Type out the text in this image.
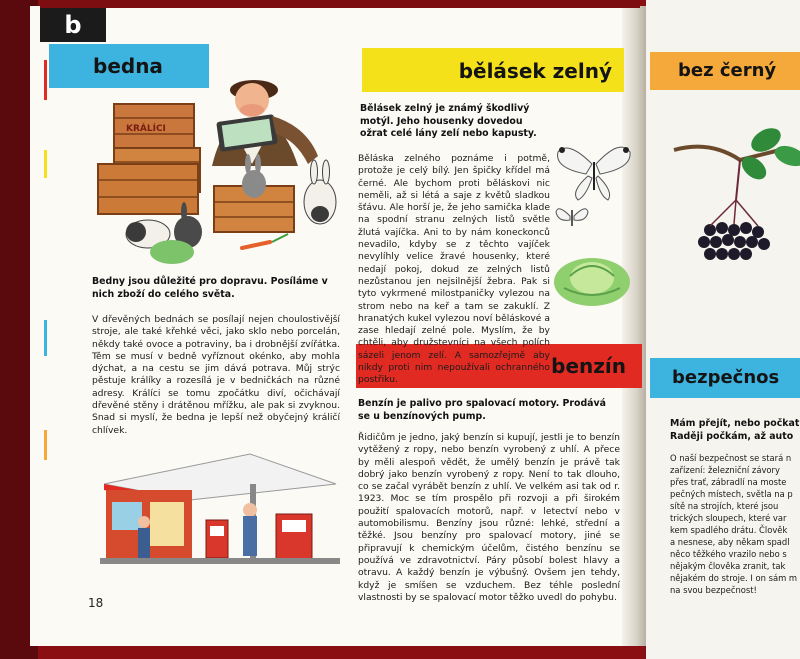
b
bedna	bělásek zelný
benzín
bez černý
bezpečnos
KRÁLÍCI
Bedny jsou důležité pro dopravu. Posíláme v nich zboží do celého světa.
V dřevěných bednách se posílají nejen choulostivější stroje, ale také křehké věci, jako sklo nebo porcelán, někdy také ovoce a potraviny, ba i drobnější zvířátka. Těm se musí v bedně vyříznout okénko, aby mohla dýchat, a na cestu se jim dává potrava. Můj strýc pěstuje králíky a rozesílá je v bedničkách na různé adresy. Králíci se tomu zpočátku diví, očichávají dřevěné stěny i drátěnou mřížku, ale pak si zvyknou. Snad si myslí, že bedna je lepší než obyčejný králičí chlívek.
Bělásek zelný je známý škodlivý motýl. Jeho housenky dovedou ožrat celé lány zelí nebo kapusty.
Běláska zelného poznáme i potmě, protože je celý bílý. Jen špičky křídel má černé. Ale bychom proti běláskovi nic neměli, až si létá a saje z květů sladkou šťávu. Ale horší je, že jeho samička klade na spodní stranu zelných listů světle žlutá vajíčka. Ani to by nám koneckonců nevadilo, kdyby se z těchto vajíček nevylíhly velice žravé housenky, které nedají pokoj, dokud ze zelných listů nezůstanou jen nejsilnější žebra. Pak si tyto vykrmené milostpaničky vylezou na strom nebo na keř a tam se zakuklí. Z hranatých kukel vylezou noví běláskové a zase hledají zelné pole. Myslím, že by chtěli, aby družstevníci na všech polích sázeli jenom zelí. A samozřejmě aby nikdy proti nim nepoužívali ochranného postřiku.
Benzín je palivo pro spalovací motory. Prodává se u benzínových pump.
Řidičům je jedno, jaký benzín si kupují, jestli je to benzín vytěžený z ropy, nebo benzín vyrobený z uhlí. A přece by měli alespoň vědět, že umělý benzín je právě tak dobrý jako benzín vyrobený z ropy. Není to tak dlouho, co se začal vyrábět benzín z uhlí. Ve velkém asi tak od r. 1923. Moc se tím prospělo při rozvoji a při širokém použití spalovacích motorů, např. v letectví nebo v automobilismu. Benzíny jsou různé: lehké, střední a těžké. Jsou benzíny pro spalovací motory, jiné se připravují k chemickým účelům, čistého benzínu se používá ve zdravotnictví. Páry působí bolest hlavy a otravu. A každý benzín je výbušný. Ovšem jen tehdy, když je smíšen se vzduchem. Bez téhle poslední vlastnosti by se spalovací motor těžko uvedl do pohybu.
Mám přejít, nebo počkat
Raději počkám, až auto
O naší bezpečnost se stará n
zařízení: železniční závory
přes trať, zábradlí na moste
pečných místech, světla na p
sítě na strojích, které jsou
trických sloupech, které var
kem spadlého drátu. Člověk
a nesnese, aby někam spadl
něco těžkého vrazilo nebo s
nějakým člověka zranit, tak
nějakém do stroje. I on sám m
na svou bezpečnost!
18
